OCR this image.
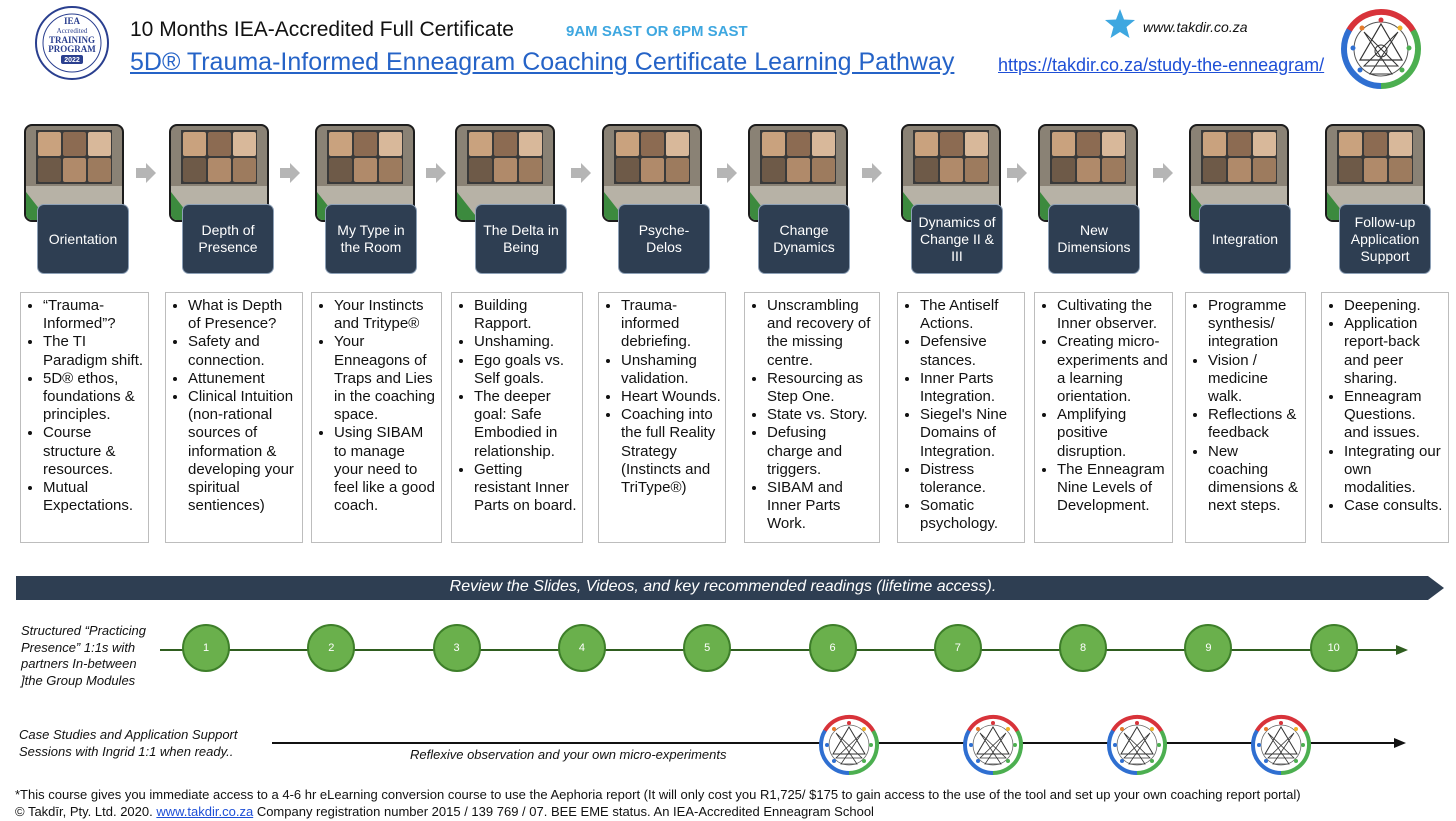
IEA
Accredited
TRAINING
PROGRAM
2022
10 Months IEA-Accredited Full Certificate
5D® Trauma-Informed Enneagram Coaching Certificate Learning Pathway
9AM SAST OR 6PM SAST	www.takdir.co.za
https://takdir.co.za/study-the-enneagram/
Orientation
• “Trauma-Informed”?
• The TI Paradigm shift.
• 5D® ethos, foundations & principles.
• Course structure & resources.
• Mutual Expectations.
Depth of Presence
• What is Depth of Presence?
• Safety and connection.
• Attunement
• Clinical Intuition (non-rational sources of information & developing your spiritual sentiences)
My Type in the Room
• Your Instincts and Tritype®
• Your Enneagons of Traps and Lies in the coaching space.
• Using SIBAM to manage your need to feel like a good coach.
The Delta in Being
• Building Rapport.
• Unshaming.
• Ego goals vs. Self goals.
• The deeper goal: Safe Embodied in relationship.
• Getting resistant Inner Parts on board.
Psyche-Delos
• Trauma-informed debriefing.
• Unshaming validation.
• Heart Wounds.
• Coaching into the full Reality Strategy (Instincts and TriType®)
Change Dynamics
• Unscrambling and recovery of the missing centre.
• Resourcing as Step One.
• State vs. Story.
• Defusing charge and triggers.
• SIBAM and Inner Parts Work.
Dynamics of Change II & III
• The Antiself Actions.
• Defensive stances.
• Inner Parts Integration.
• Siegel's Nine Domains of Integration.
• Distress tolerance.
• Somatic psychology.
New Dimensions
• Cultivating the Inner observer.
• Creating micro-experiments and a learning orientation.
• Amplifying positive disruption.
• The Enneagram Nine Levels of Development.
Integration
• Programme synthesis/ integration
• Vision / medicine walk.
• Reflections & feedback
• New coaching dimensions & next steps.
Follow-up Application Support
• Deepening.
• Application report-back and peer sharing.
• Enneagram Questions. and issues.
• Integrating our own modalities.
• Case consults.
Review the Slides, Videos, and key recommended readings (lifetime access).
Structured “Practicing Presence” 1:1s with partners In-between ]the Group Modules
1	2	3	4	5	6	7	8	9	10
Case Studies and Application Support Sessions with Ingrid 1:1 when ready..	Reflexive observation and your own micro-experiments
*This course gives you immediate access to a 4-6 hr eLearning conversion course to use the Aephoria report (It will only cost you R1,725/ $175 to gain access to the use of the tool and set up your own coaching report portal)
© Takdīr, Pty. Ltd. 2020. www.takdir.co.za Company registration number 2015 / 139 769 / 07. BEE EME status. An IEA-Accredited Enneagram School
